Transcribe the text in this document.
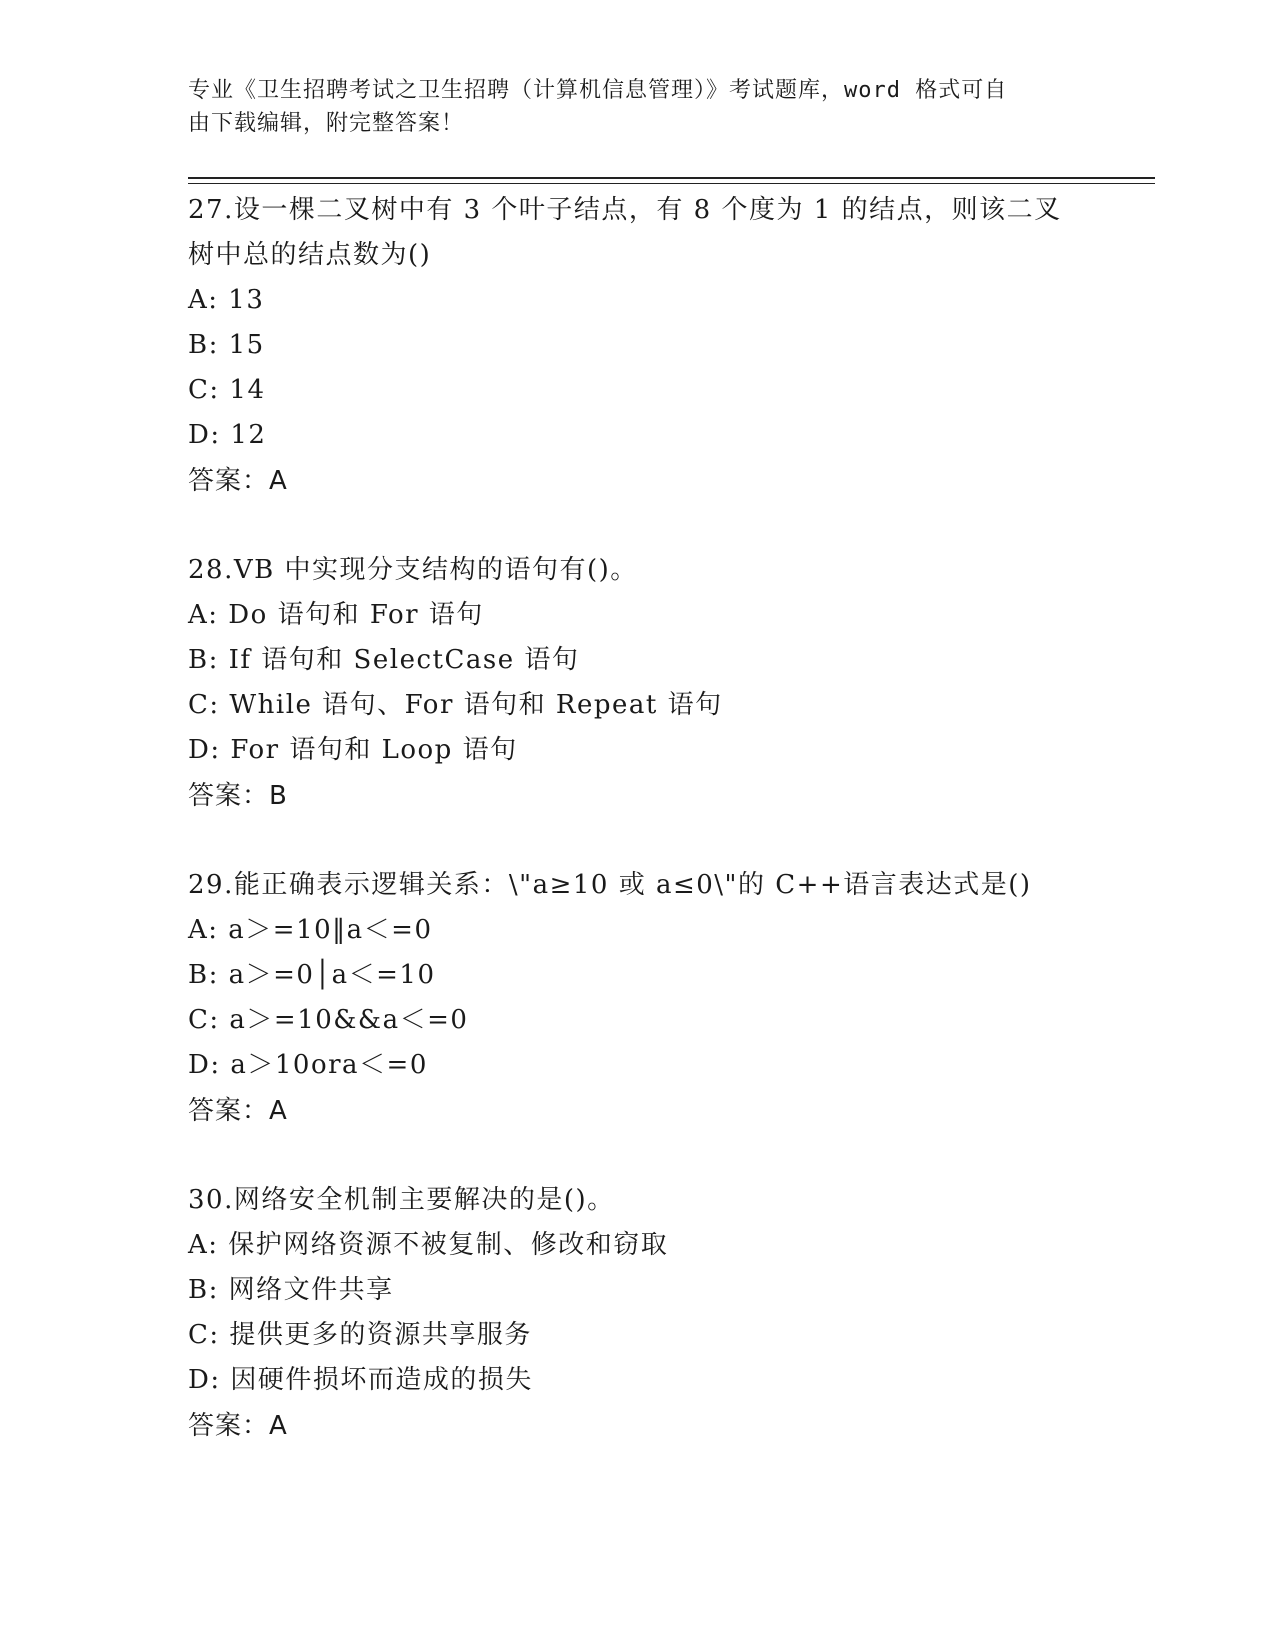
专业《卫生招聘考试之卫生招聘（计算机信息管理）》考试题库，word 格式可自
由下载编辑，附完整答案！
27.设一棵二叉树中有 3 个叶子结点，有 8 个度为 1 的结点，则该二叉
树中总的结点数为()
A: 13
B: 15
C: 14
D: 12
答案：A
28.VB 中实现分支结构的语句有()。
A: Do 语句和 For 语句
B: If 语句和 SelectCase 语句
C: While 语句、For 语句和 Repeat 语句
D: For 语句和 Loop 语句
答案：B
29.能正确表示逻辑关系：\"a≥10 或 a≤0\"的 C++语言表达式是()
A: a＞=10‖a＜=0
B: a＞=0│a＜=10
C: a＞=10&&a＜=0
D: a＞10ora＜=0
答案：A
30.网络安全机制主要解决的是()。
A: 保护网络资源不被复制、修改和窃取
B: 网络文件共享
C: 提供更多的资源共享服务
D: 因硬件损坏而造成的损失
答案：A
